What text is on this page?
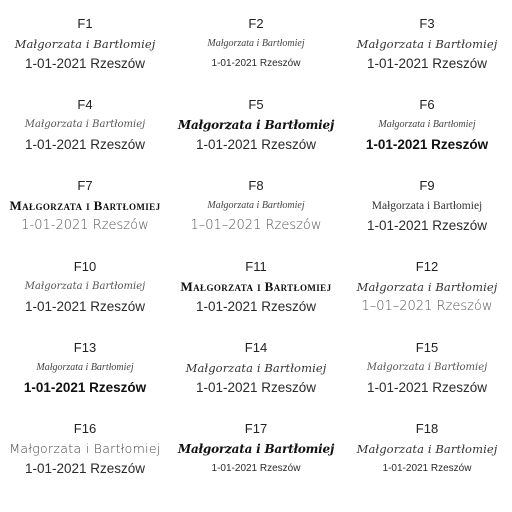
F1
Małgorzata i Bartłomiej
1-01-2021 Rzeszów
F2
Małgorzata i Bartłomiej
1-01-2021 Rzeszów
F3
Małgorzata i Bartłomiej
1-01-2021 Rzeszów
F4
Małgorzata i Bartłomiej
1-01-2021 Rzeszów
F5
Małgorzata i Bartłomiej
1-01-2021 Rzeszów
F6
Małgorzata i Bartłomiej
1-01-2021 Rzeszów
F7
Małgorzata i Bartłomiej
1-01-2021 Rzeszów
F8
Małgorzata i Bartłomiej
1–01–2021 Rzeszów
F9
Małgorzata i Bartłomiej
1-01-2021 Rzeszów
F10
Małgorzata i Bartłomiej
1-01-2021 Rzeszów
F11
Małgorzata i Bartłomiej
1-01-2021 Rzeszów
F12
Małgorzata i Bartłomiej
1–01–2021 Rzeszów
F13
Małgorzata i Bartłomiej
1-01-2021 Rzeszów
F14
Małgorzata i Bartłomiej
1-01-2021 Rzeszów
F15
Małgorzata i Bartłomiej
1-01-2021 Rzeszów
F16
Małgorzata i Bartłomiej
1-01-2021 Rzeszów
F17
Małgorzata i Bartłomiej
1-01-2021 Rzeszów
F18
Małgorzata i Bartłomiej
1-01-2021 Rzeszów
